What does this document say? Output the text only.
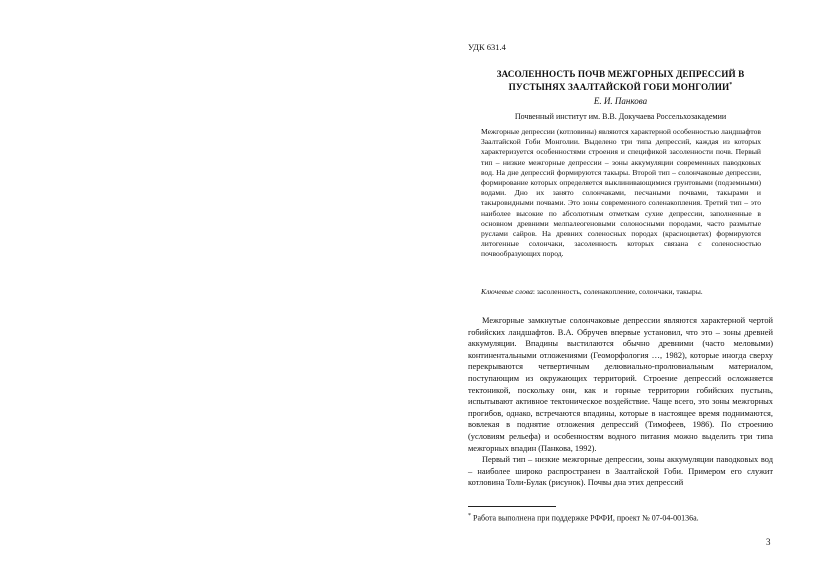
УДК 631.4
ЗАСОЛЕННОСТЬ ПОЧВ МЕЖГОРНЫХ ДЕПРЕССИЙ В
ПУСТЫНЯХ ЗААЛТАЙСКОЙ ГОБИ МОНГОЛИИ*
Е. И. Панкова
Почвенный институт им. В.В. Докучаева Россельхозакадемии
Межгорные депрессии (котловины) являются характерной особенностью ландшафтов Заалтайской Гоби Монголии. Выделено три типа депрессий, каждая из которых характеризуется особенностями строения и спецификой засоленности почв. Первый тип – низкие межгорные депрессии – зоны аккумуляции современных паводковых вод. На дне депрессий формируются такыры. Второй тип – солончаковые депрессии, формирование которых определяется выклинивающимися грунтовыми (подземными) водами. Дно их занято солончаками, песчаными почвами, такырами и такыровидными почвами. Это зоны современного соленакопления. Третий тип – это наиболее высокие по абсолютным отметкам сухие депрессии, заполненные в основном древними мелпалеогеновыми солоносными породами, часто размытые руслами сайров. На древних соленосных породах (красноцветах) формируются литогенные солончаки, засоленность которых связана с соленосностью почвообразующих пород.
Ключевые слова: засоленность, соленакопление, солончаки, такыры.

Межгорные замкнутые солончаковые депрессии являются характерной чертой гобийских ландшафтов. В.А. Обручев впервые установил, что это – зоны древней аккумуляции. Впадины выстилаются обычно древними (часто меловыми) континентальными отложениями (Геоморфология …, 1982), которые иногда сверху перекрываются четвертичным делювиально-пролювиальным материалом, поступающим из окружающих территорий. Строение депрессий осложняется тектоникой, поскольку они, как и горные территории гобийских пустынь, испытывают активное тектоническое воздействие. Чаще всего, это зоны межгорных прогибов, однако, встречаются впадины, которые в настоящее время поднимаются, вовлекая в поднятие отложения депрессий (Тимофеев, 1986). По строению (условиям рельефа) и особенностям водного питания можно выделить три типа межгорных впадин (Панкова, 1992).

Первый тип – низкие межгорные депрессии, зоны аккумуляции паводковых вод – наиболее широко распространен в Заалтайской Гоби. Примером его служит котловина Толи-Булак (рисунок). Почвы дна этих депрессий

* Работа выполнена при поддержке РФФИ, проект № 07-04-00136а.
3
